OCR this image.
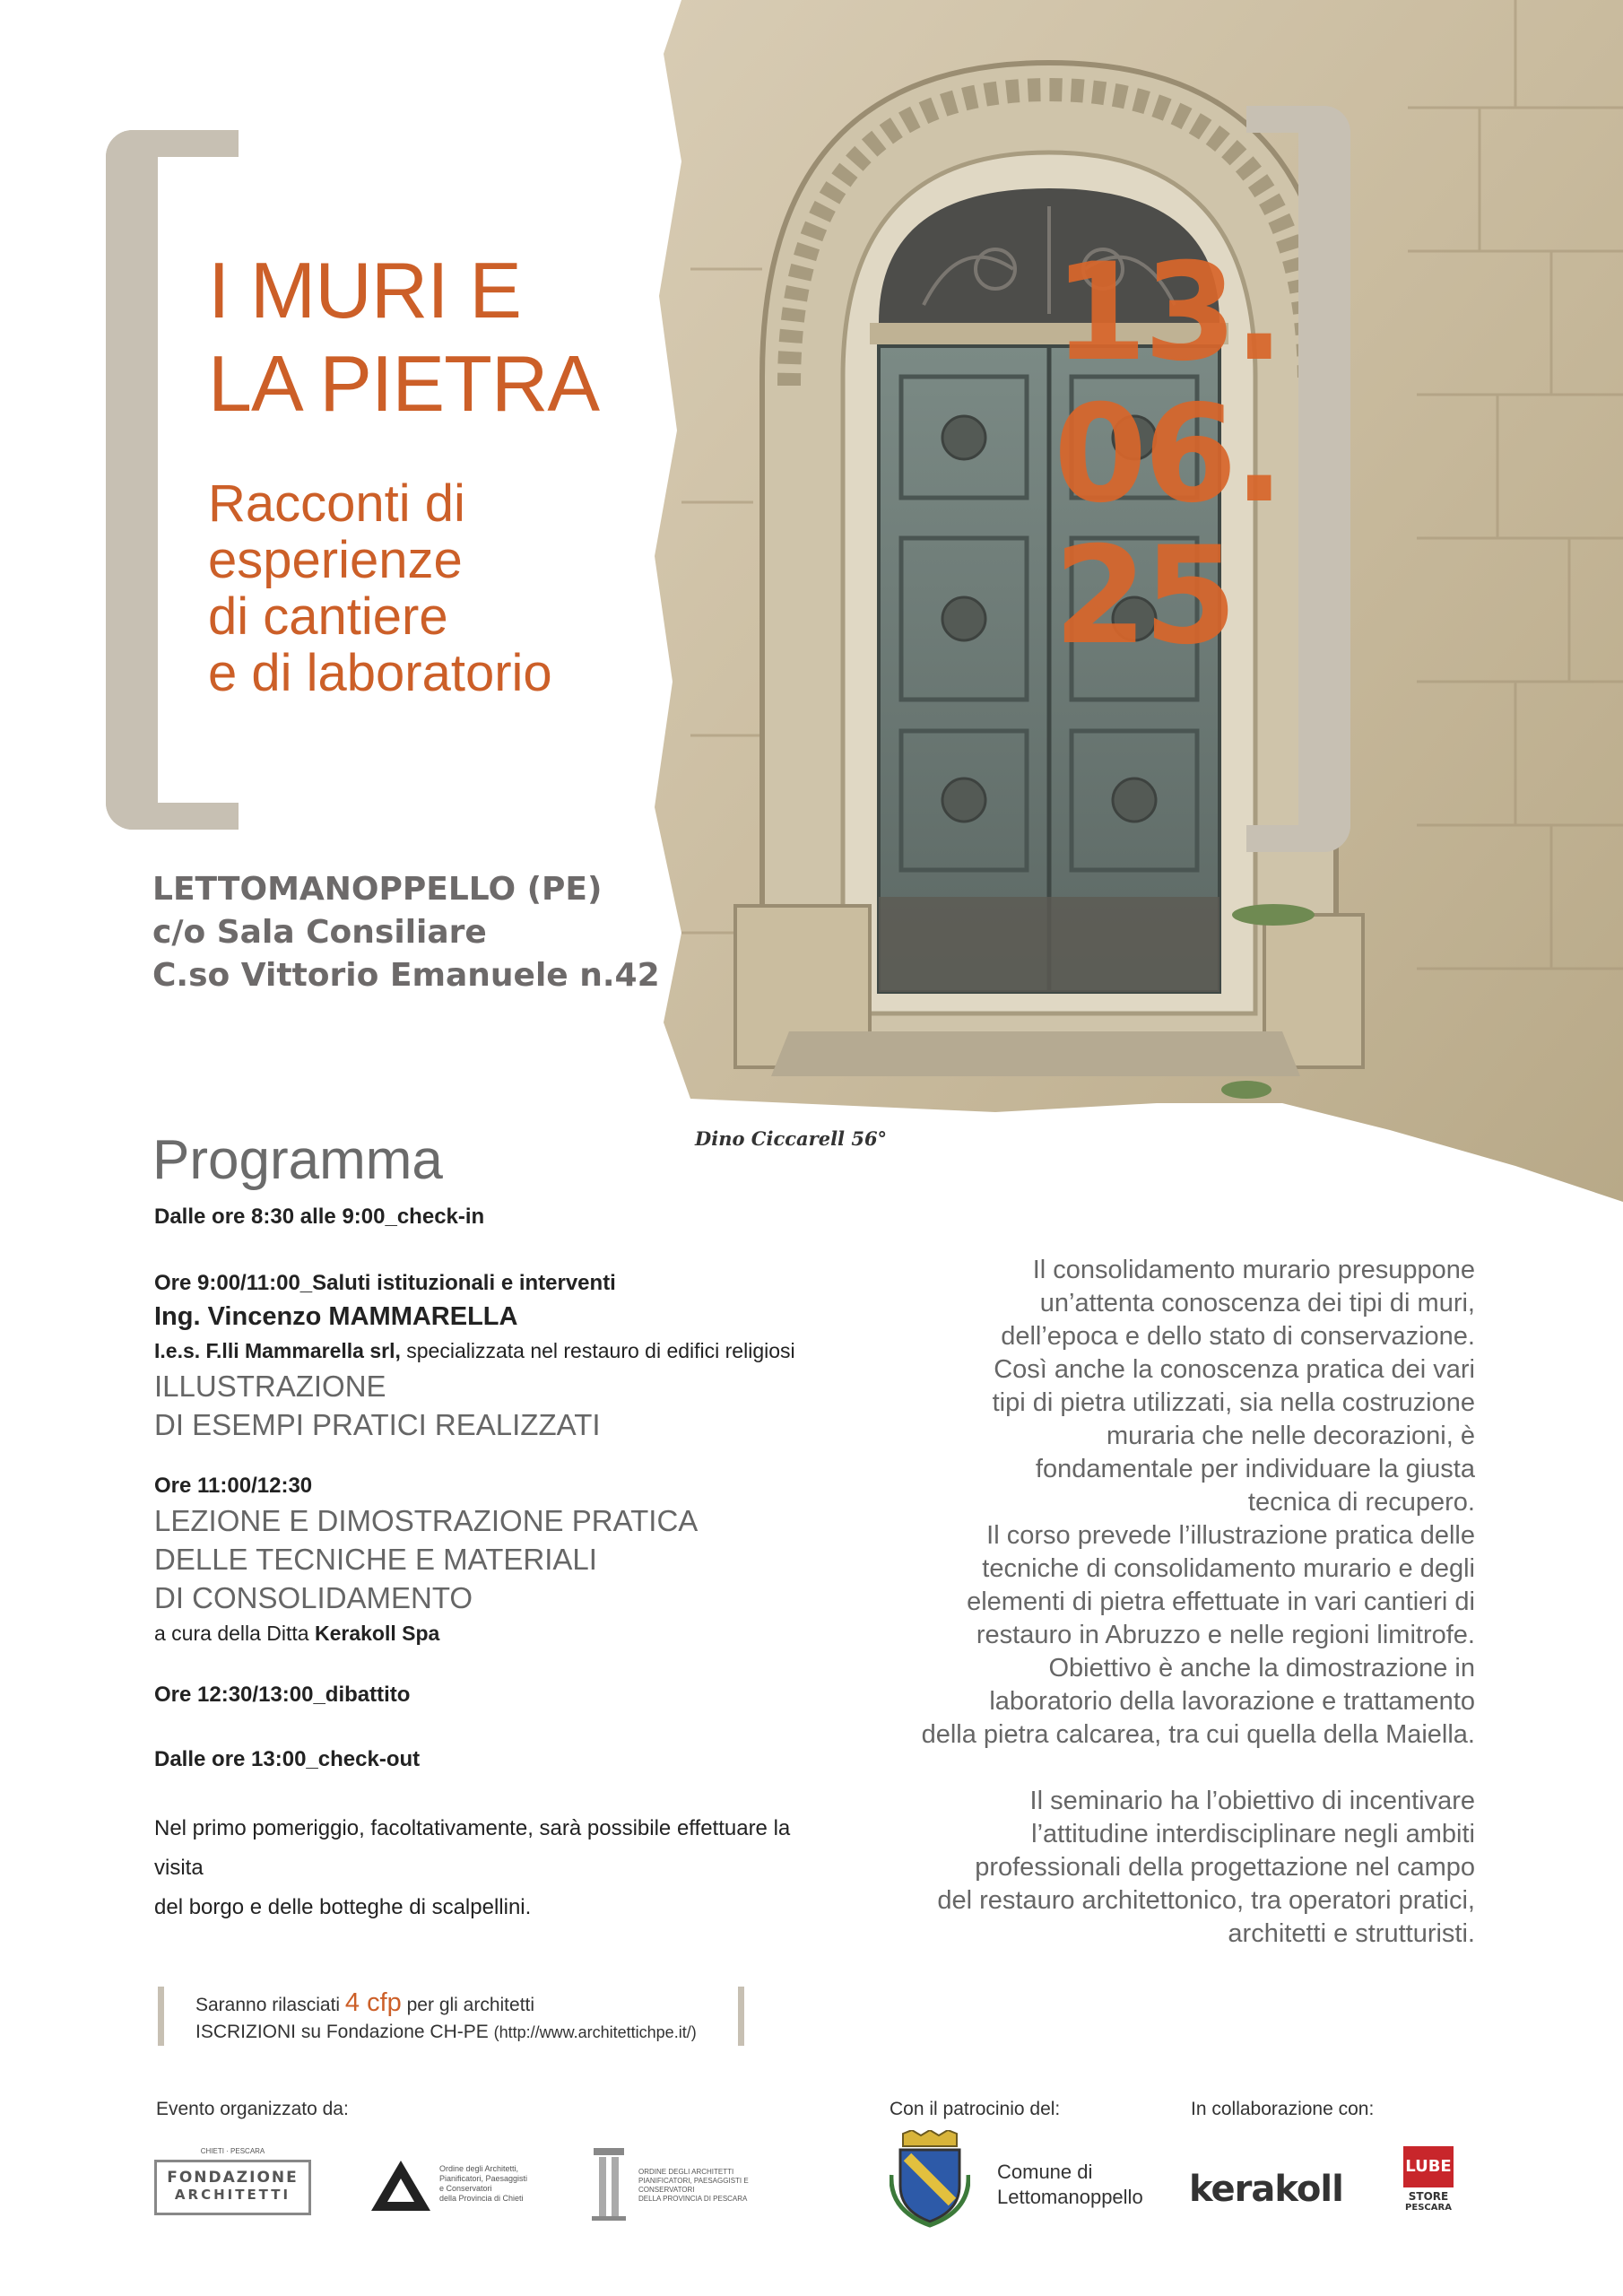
I MURI E
LA PIETRA
Racconti di
esperienze
di cantiere
e di laboratorio
13.
06.
25
LETTOMANOPPELLO (PE)
c/o Sala Consiliare
C.so Vittorio Emanuele n.42
Dino Ciccarell 56°
Programma
Dalle ore 8:30 alle 9:00_check-in
Ore 9:00/11:00_Saluti istituzionali e interventi
Ing. Vincenzo MAMMARELLA
I.e.s. F.lli Mammarella srl, specializzata nel restauro di edifici religiosi
ILLUSTRAZIONE
DI ESEMPI PRATICI REALIZZATI
Ore 11:00/12:30
LEZIONE E DIMOSTRAZIONE PRATICA
DELLE TECNICHE E MATERIALI
DI CONSOLIDAMENTO
a cura della Ditta Kerakoll Spa
Ore 12:30/13:00_dibattito
Dalle ore 13:00_check-out
Nel primo pomeriggio, facoltativamente, sarà possibile effettuare la visita
del borgo e delle botteghe di scalpellini.
Il consolidamento murario presuppone
un’attenta conoscenza dei tipi di muri,
dell’epoca e dello stato di conservazione.
Così anche la conoscenza pratica dei vari
tipi di pietra utilizzati, sia nella costruzione
muraria che nelle decorazioni, è
fondamentale per individuare la giusta
tecnica di recupero.
Il corso prevede l’illustrazione pratica delle
tecniche di consolidamento murario e degli
elementi di pietra effettuate in vari cantieri di
restauro in Abruzzo e nelle regioni limitrofe.
Obiettivo è anche la dimostrazione in
laboratorio della lavorazione e trattamento
della pietra calcarea, tra cui quella della Maiella.
Il seminario ha l’obiettivo di incentivare
l’attitudine interdisciplinare negli ambiti
professionali della progettazione nel campo
del restauro architettonico, tra operatori pratici,
architetti e strutturisti.
Saranno rilasciati 4 cfp per gli architetti
ISCRIZIONI su Fondazione CH-PE (http://www.architettichpe.it/)
Evento organizzato da:	Con il patrocinio del:	In collaborazione con:
CHIETI · PESCARA
FONDAZIONE
ARCHITETTI
Ordine degli Architetti,
Pianificatori, Paesaggisti
e Conservatori
della Provincia di Chieti
ORDINE DEGLI ARCHITETTI
PIANIFICATORI, PAESAGGISTI E
CONSERVATORI
DELLA PROVINCIA DI PESCARA
Comune di
Lettomanoppello kerakoll
LUBE
STORE
PESCARA
